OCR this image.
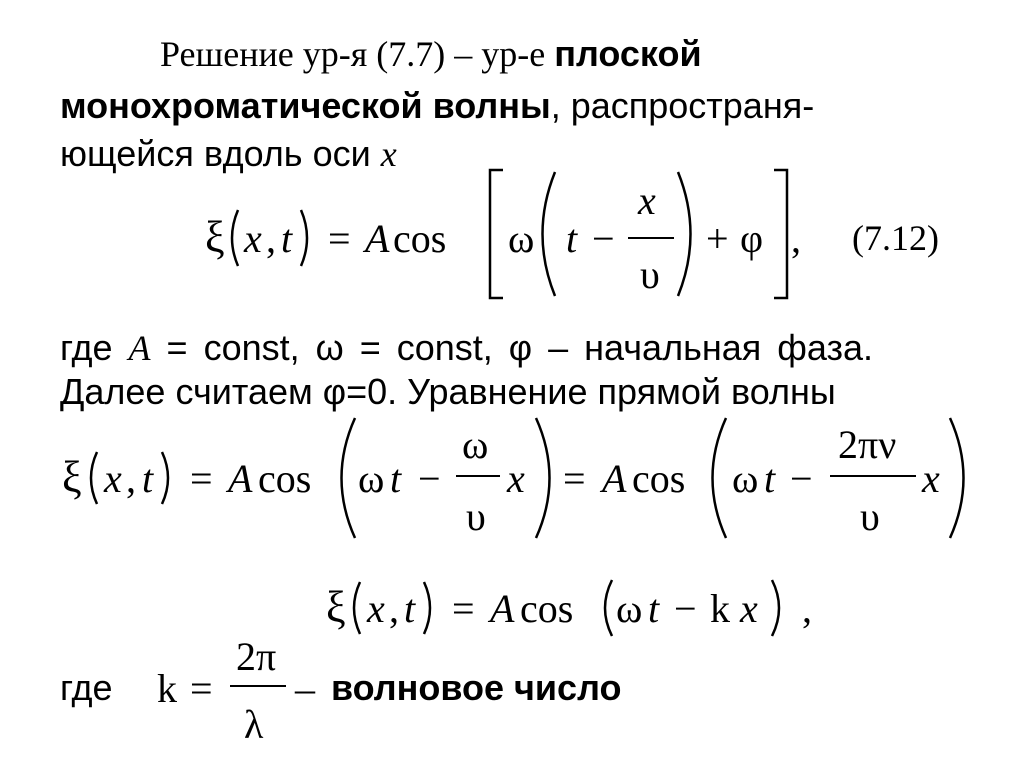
Решение ур-я (7.7) – ур-е плоской
монохроматической волны, распространя-
ющейся вдоль оси x
ξ x , t = A cos ω t −
x
υ
+ φ , (7.12)
где A = const, ω = const, φ – начальная фаза.
Далее считаем φ=0. Уравнение прямой волны
ξ x , t = A cos ω t −
ω
υ
x = A cos ω t −
2πν
υ
x
ξ x , t = A cos ω t − k x ,
где k =
2π
λ
– волновое число
